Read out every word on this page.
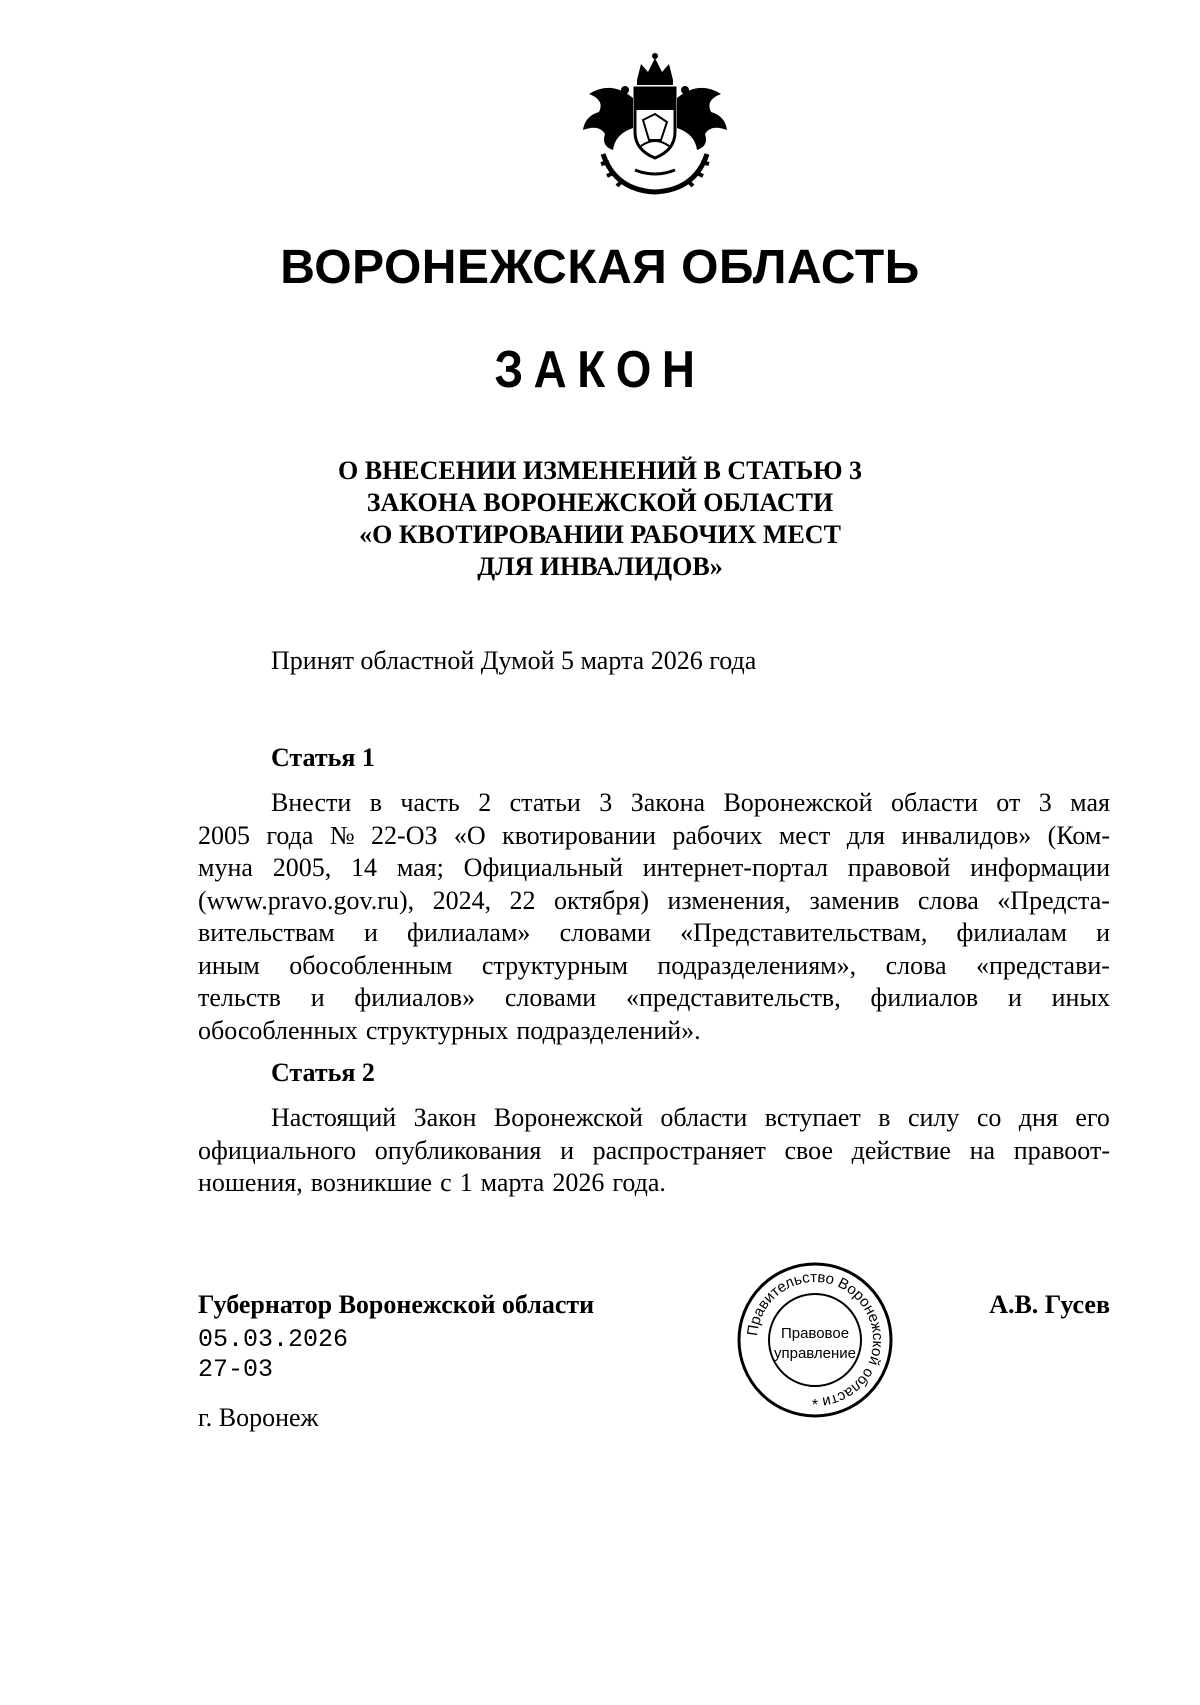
ВОРОНЕЖСКАЯ ОБЛАСТЬ
ЗАКОН
О ВНЕСЕНИИ ИЗМЕНЕНИЙ В СТАТЬЮ 3
ЗАКОНА ВОРОНЕЖСКОЙ ОБЛАСТИ
«О КВОТИРОВАНИИ РАБОЧИХ МЕСТ
ДЛЯ ИНВАЛИДОВ»
Принят областной Думой 5 марта 2026 года
Статья 1
Внести в часть 2 статьи 3 Закона Воронежской области от 3 мая
2005 года № 22-ОЗ «О квотировании рабочих мест для инвалидов» (Ком-
муна 2005, 14 мая; Официальный интернет-портал правовой информации
(www.pravo.gov.ru), 2024, 22 октября) изменения, заменив слова «Предста-
вительствам и филиалам» словами «Представительствам, филиалам и
иным обособленным структурным подразделениям», слова «представи-
тельств и филиалов» словами «представительств, филиалов и иных
обособленных структурных подразделений».
Статья 2
Настоящий Закон Воронежской области вступает в силу со дня его
официального опубликования и распространяет свое действие на правоот-
ношения, возникшие с 1 марта 2026 года.
Губернатор Воронежской области	А.В. Гусев
05.03.2026
27-03
г. Воронеж
Правительство Воронежской области
Правовое
управление
*
